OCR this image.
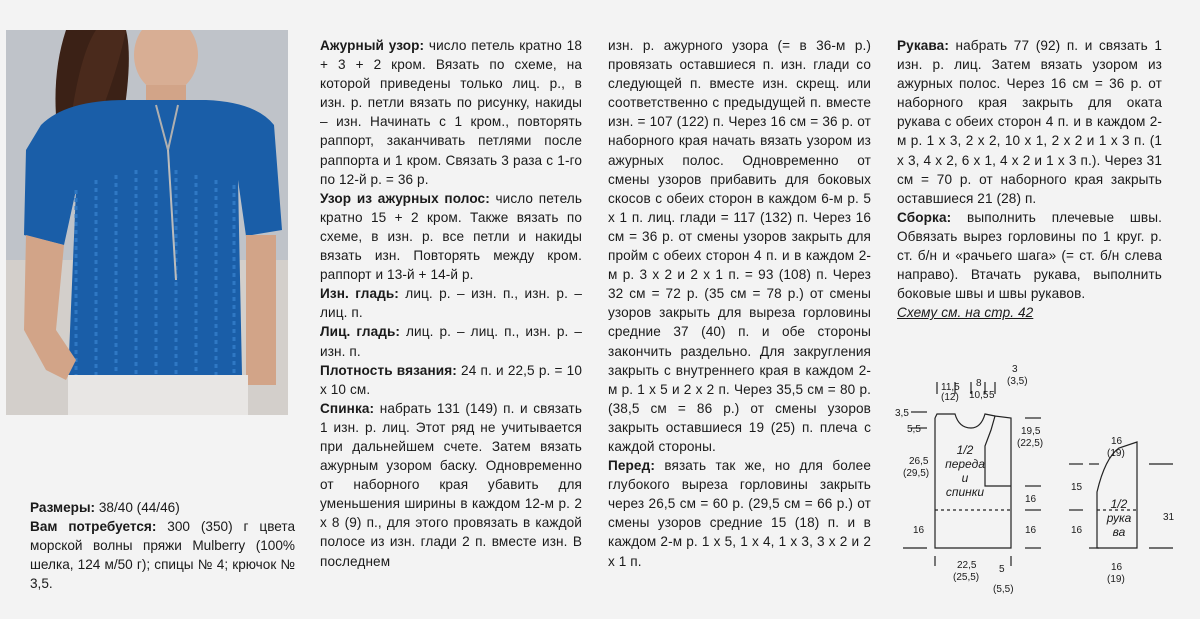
Размеры: 38/40 (44/46)

Вам потребуется: 300 (350) г цвета морской волны пряжи Mulberry (100% шелка, 124 м/50 г); спицы № 4; крючок № 3,5.

Ажурный узор: число петель кратно 18 + 3 + 2 кром. Вязать по схеме, на которой приведены только лиц. р., в изн. р. петли вязать по рисунку, накиды – изн. Начинать с 1 кром., повторять раппорт, заканчивать петлями после раппорта и 1 кром. Связать 3 раза с 1-го по 12-й р. = 36 р.

Узор из ажурных полос: число петель кратно 15 + 2 кром. Также вязать по схеме, в изн. р. все петли и накиды вязать изн. Повторять между кром. раппорт и 13-й + 14-й р.

Изн. гладь: лиц. р. – изн. п., изн. р. – лиц. п.

Лиц. гладь: лиц. р. – лиц. п., изн. р. – изн. п.

Плотность вязания: 24 п. и 22,5 р. = 10 х 10 см.

Спинка: набрать 131 (149) п. и связать 1 изн. р. лиц. Этот ряд не учитывается при дальнейшем счете. Затем вязать ажурным узором баску. Одновременно от наборного края убавить для уменьшения ширины в каждом 12-м р. 2 х 8 (9) п., для этого провязать в каждой полосе из изн. глади 2 п. вместе изн. В последнем

изн. р. ажурного узора (= в 36-м р.) провязать оставшиеся п. изн. глади со следующей п. вместе изн. скрещ. или соответственно с предыдущей п. вместе изн. = 107 (122) п. Через 16 см = 36 р. от наборного края начать вязать узором из ажурных полос. Одновременно от смены узоров прибавить для боковых скосов с обеих сторон в каждом 6-м р. 5 х 1 п. лиц. глади = 117 (132) п. Через 16 см = 36 р. от смены узоров закрыть для пройм с обеих сторон 4 п. и в каждом 2-м р. 3 х 2 и 2 х 1 п. = 93 (108) п. Через 32 см = 72 р. (35 см = 78 р.) от смены узоров закрыть для выреза горловины средние 37 (40) п. и обе стороны закончить раздельно. Для закругления закрыть с внутреннего края в каждом 2-м р. 1 х 5 и 2 х 2 п. Через 35,5 см = 80 р. (38,5 см = 86 р.) от смены узоров закрыть оставшиеся 19 (25) п. плеча с каждой стороны.

Перед: вязать так же, но для более глубокого выреза горловины закрыть через 26,5 см = 60 р. (29,5 см = 66 р.) от смены узоров средние 15 (18) п. и в каждом 2-м р. 1 х 5, 1 х 4, 1 х 3, 3 х 2 и 2 х 1 п.

Рукава: набрать 77 (92) п. и связать 1 изн. р. лиц. Затем вязать узором из ажурных полос. Через 16 см = 36 р. от наборного края закрыть для оката рукава с обеих сторон 4 п. и в каждом 2-м р. 1 х 3, 2 х 2, 10 х 1, 2 х 2 и 1 х 3 п. (1 х 3, 4 х 2, 6 х 1, 4 х 2 и 1 х 3 п.). Через 31 см = 70 р. от наборного края закрыть оставшиеся 21 (28) п.

Сборка: выполнить плечевые швы. Обвязать вырез горловины по 1 круг. р. ст. б/н и «рачьего шага» (= ст. б/н слева направо). Втачать рукава, выполнить боковые швы и швы рукавов.

Схему см. на стр. 42

11,5
(12)
8
10,5 5
3
(3,5)
3,5
5,5
26,5
(29,5)
16
19,5
(22,5)
16
16
22,5
(25,5)
5
(5,5)
16
(19)
15
16
31
16
(19)
1/2
переда
и
спинки
1/2
рука
ва
